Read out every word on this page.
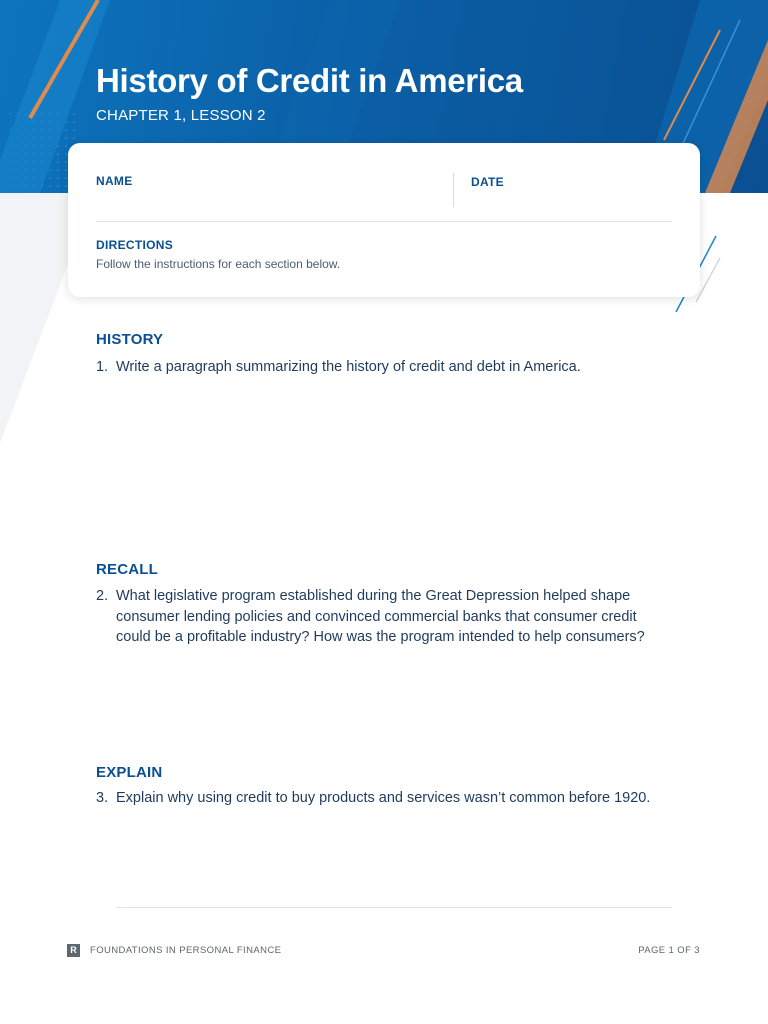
History of Credit in America

CHAPTER 1, LESSON 2

NAME	DATE
DIRECTIONS
Follow the instructions for each section below.
HISTORY
1. Write a paragraph summarizing the history of credit and debt in America.
RECALL
2. What legislative program established during the Great Depression helped shape consumer lending policies and convinced commercial banks that consumer credit could be a profitable industry? How was the program intended to help consumers?
EXPLAIN
3. Explain why using credit to buy products and services wasn’t common before 1920.
R	FOUNDATIONS IN PERSONAL FINANCE	PAGE 1 OF 3
